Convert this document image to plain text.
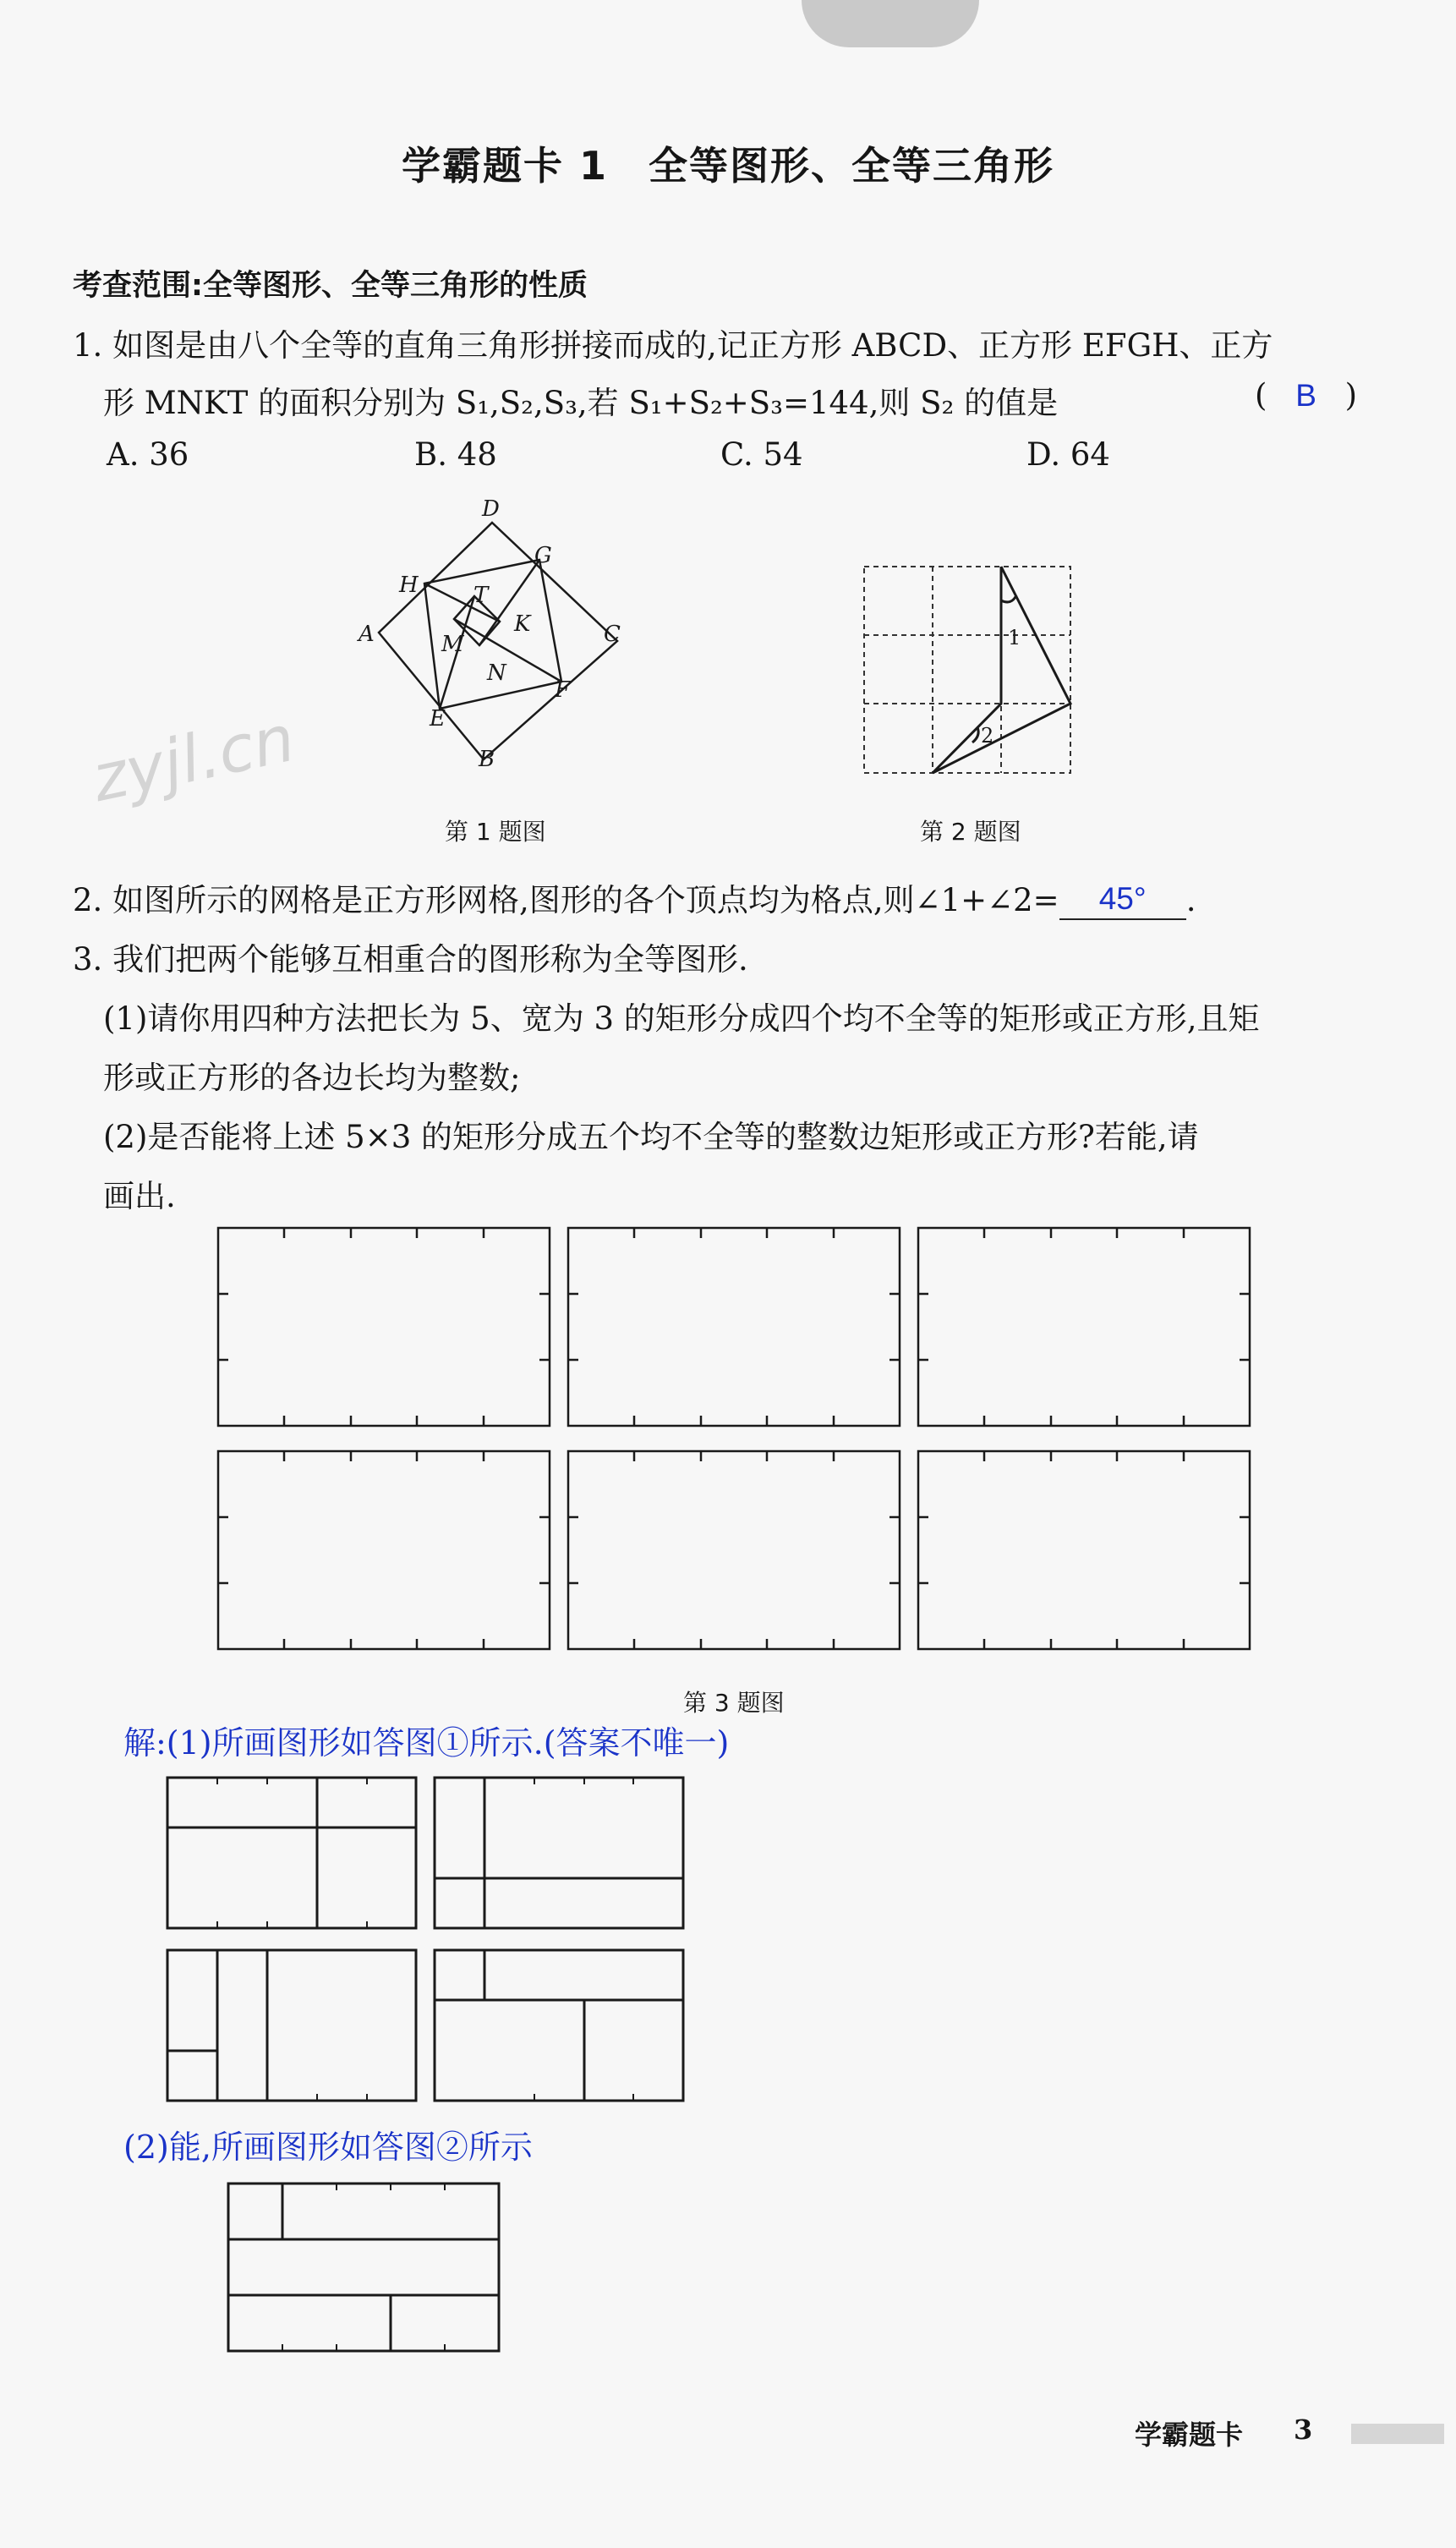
学霸题卡 1　全等图形、全等三角形
考查范围:全等图形、全等三角形的性质
1. 如图是由八个全等的直角三角形拼接而成的,记正方形 ABCD、正方形 EFGH、正方
形 MNKT 的面积分别为 S₁,S₂,S₃,若 S₁+S₂+S₃=144,则 S₂ 的值是	( B )
A. 36	B. 48	C. 54	D. 64
D
G
H	T
A	K	C
M
N
E
F
B
第 1 题图
1
2
第 2 题图
zyjl.cn
2. 如图所示的网格是正方形网格,图形的各个顶点均为格点,则∠1+∠2= 45° .
3. 我们把两个能够互相重合的图形称为全等图形.
(1)请你用四种方法把长为 5、宽为 3 的矩形分成四个均不全等的矩形或正方形,且矩
形或正方形的各边长均为整数;
(2)是否能将上述 5×3 的矩形分成五个均不全等的整数边矩形或正方形?若能,请
画出.
第 3 题图
解:(1)所画图形如答图①所示.(答案不唯一)
(2)能,所画图形如答图②所示
学霸题卡 3
